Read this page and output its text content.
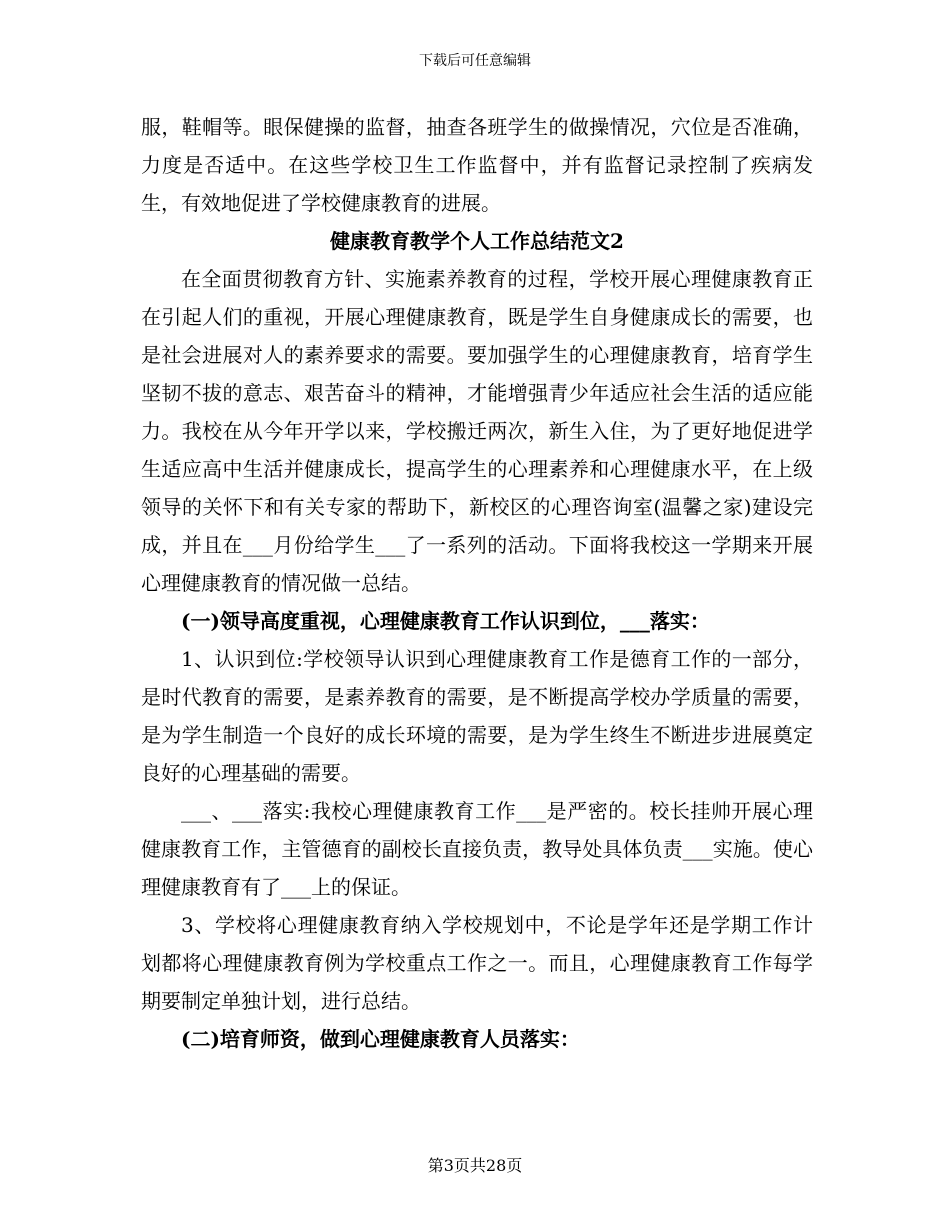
下载后可任意编辑

服，鞋帽等。眼保健操的监督，抽查各班学生的做操情况，穴位是否准确，力度是否适中。在这些学校卫生工作监督中，并有监督记录控制了疾病发生，有效地促进了学校健康教育的进展。

健康教育教学个人工作总结范文2

在全面贯彻教育方针、实施素养教育的过程，学校开展心理健康教育正在引起人们的重视，开展心理健康教育，既是学生自身健康成长的需要，也是社会进展对人的素养要求的需要。要加强学生的心理健康教育，培育学生坚韧不拔的意志、艰苦奋斗的精神，才能增强青少年适应社会生活的适应能力。我校在从今年开学以来，学校搬迁两次，新生入住，为了更好地促进学生适应高中生活并健康成长，提高学生的心理素养和心理健康水平，在上级领导的关怀下和有关专家的帮助下，新校区的心理咨询室(温馨之家)建设完成，并且在___月份给学生___了一系列的活动。下面将我校这一学期来开展心理健康教育的情况做一总结。

(一)领导高度重视，心理健康教育工作认识到位，___落实：

1、认识到位:学校领导认识到心理健康教育工作是德育工作的一部分，是时代教育的需要，是素养教育的需要，是不断提高学校办学质量的需要，是为学生制造一个良好的成长环境的需要，是为学生终生不断进步进展奠定良好的心理基础的需要。

___、___落实:我校心理健康教育工作___是严密的。校长挂帅开展心理健康教育工作，主管德育的副校长直接负责，教导处具体负责___实施。使心理健康教育有了___上的保证。

3、学校将心理健康教育纳入学校规划中，不论是学年还是学期工作计划都将心理健康教育例为学校重点工作之一。而且，心理健康教育工作每学期要制定单独计划，进行总结。

(二)培育师资，做到心理健康教育人员落实：

第3页共28页
